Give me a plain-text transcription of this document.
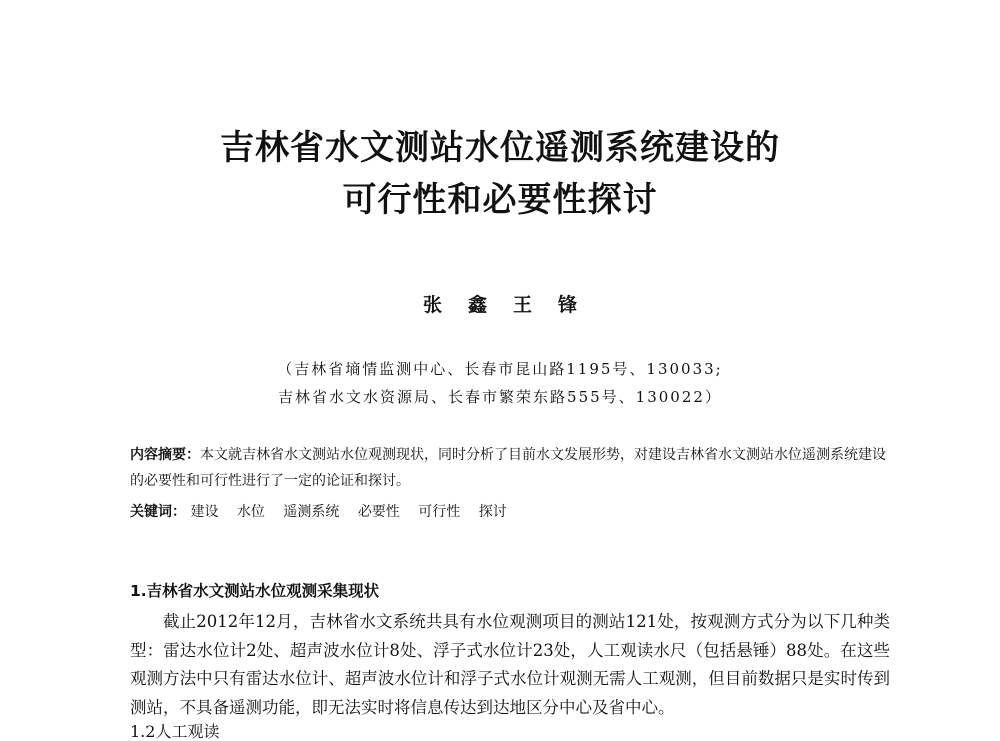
吉林省水文测站水位遥测系统建设的
可行性和必要性探讨
张鑫王锋
（吉林省墒情监测中心、长春市昆山路1195号、130033;
吉林省水文水资源局、长春市繁荣东路555号、130022）
内容摘要：本文就吉林省水文测站水位观测现状，同时分析了目前水文发展形势，对建设吉林省水文测站水位遥测系统建设的必要性和可行性进行了一定的论证和探讨。
关键词： 建设 水位 遥测系统 必要性 可行性 探讨
1.吉林省水文测站水位观测采集现状

截止2012年12月，吉林省水文系统共具有水位观测项目的测站121处，按观测方式分为以下几种类型：雷达水位计2处、超声波水位计8处、浮子式水位计23处，人工观读水尺（包括悬锤）88处。在这些观测方法中只有雷达水位计、超声波水位计和浮子式水位计观测无需人工观测，但目前数据只是实时传到测站，不具备遥测功能，即无法实时将信息传达到达地区分中心及省中心。

1.2人工观读
